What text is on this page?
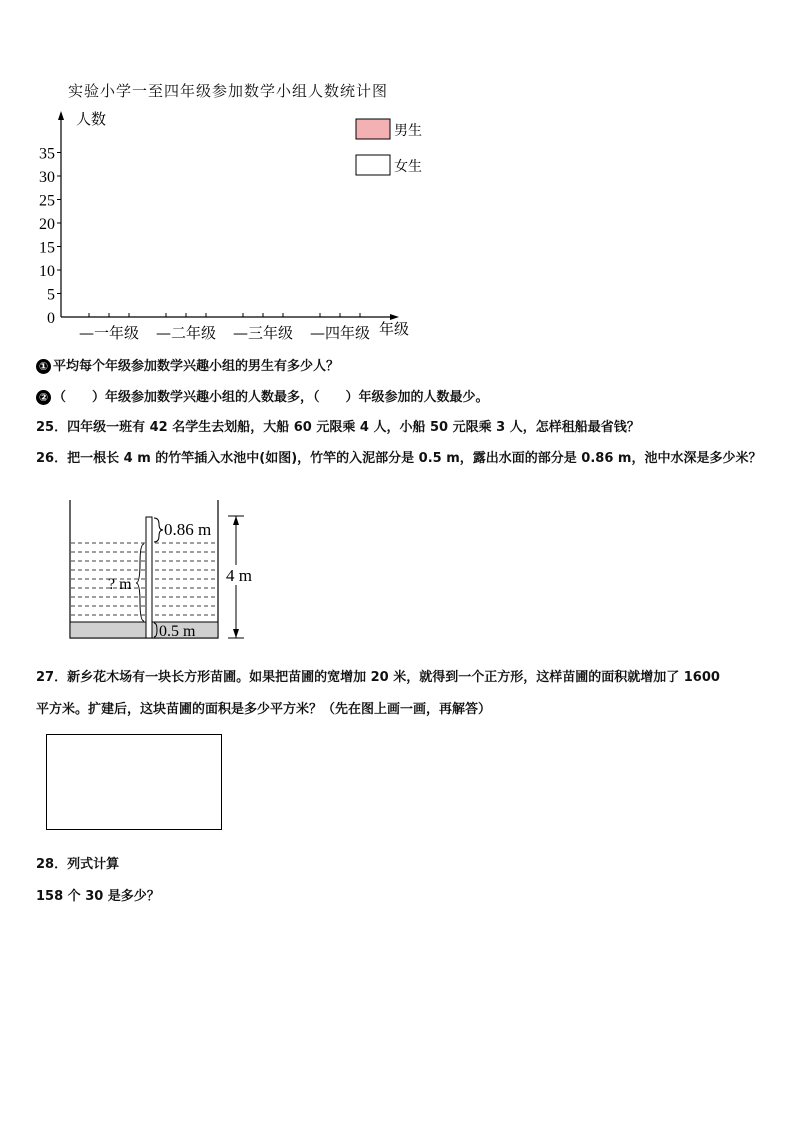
实验小学一至四年级参加数学小组人数统计图
人数
年级
0
5
10
15
20
25
30
35
—一年级 —二年级 —三年级 —四年级
男生
女生
① 平均每个年级参加数学兴趣小组的男生有多少人？
② （　　）年级参加数学兴趣小组的人数最多，（　　）年级参加的人数最少。
25．四年级一班有 42 名学生去划船，大船 60 元限乘 4 人，小船 50 元限乘 3 人，怎样租船最省钱？
26．把一根长 4 m 的竹竿插入水池中(如图)，竹竿的入泥部分是 0.5 m，露出水面的部分是 0.86 m，池中水深是多少米？
0.86 m
4 m
? m
0.5 m
27．新乡花木场有一块长方形苗圃。如果把苗圃的宽增加 20 米，就得到一个正方形，这样苗圃的面积就增加了 1600
平方米。扩建后，这块苗圃的面积是多少平方米？（先在图上画一画，再解答）
28．列式计算
158 个 30 是多少？
